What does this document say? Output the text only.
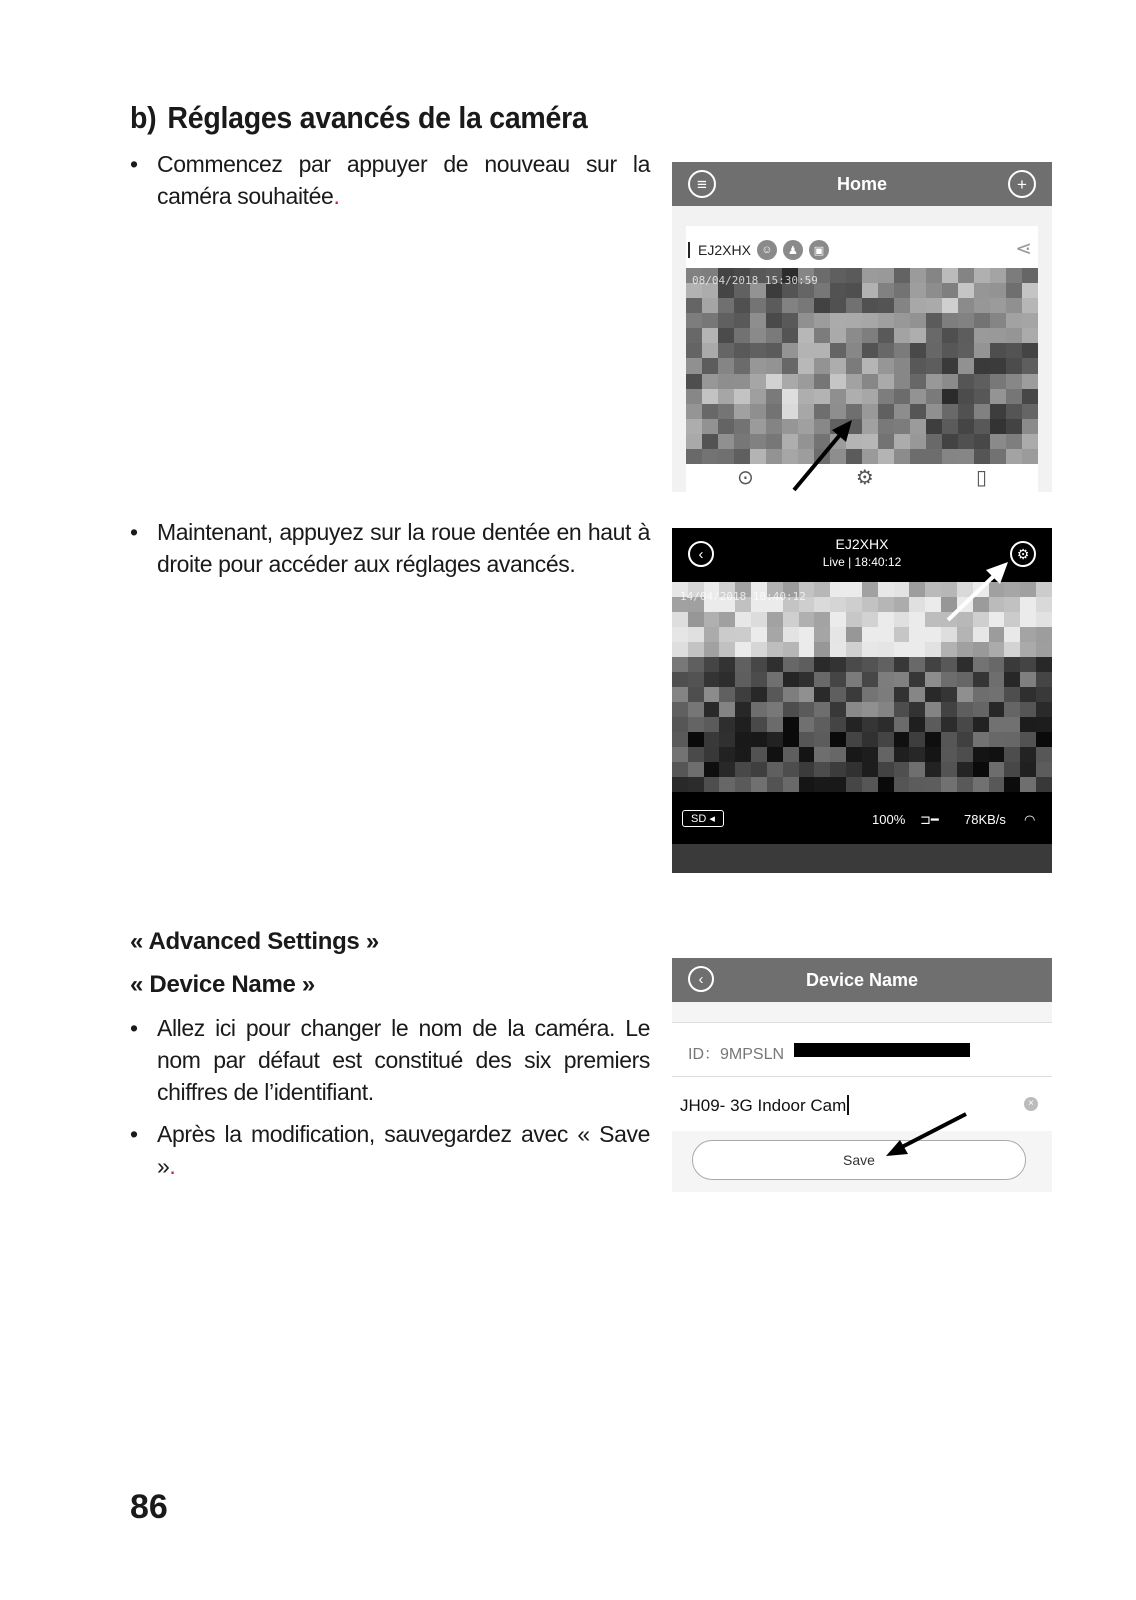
b) Réglages avancés de la caméra

• Commencez par appuyer de nouveau sur la caméra souhaitée.	≡	Home	+
EJ2XHX ☺	♟	▣	⋖
08/04/2018 15:30:59
⊙	⚙	▯

• Maintenant, appuyez sur la roue dentée en haut à droite pour accéder aux réglages avancés.	‹
EJ2XHX
Live | 18:40:12	⚙
14/04/2018 18:40:12
SD ◂	100% ⊐━ 78KB/s ◠

« Advanced Settings »

« Device Name »

• Allez ici pour changer le nom de la caméra. Le nom par défaut est constitué des six premiers chiffres de l’identifiant.

• Après la modification, sauvegardez avec « Save ».

‹	Device Name
ID：9MPSLN
JH09- 3G Indoor Cam	×
Save
86
